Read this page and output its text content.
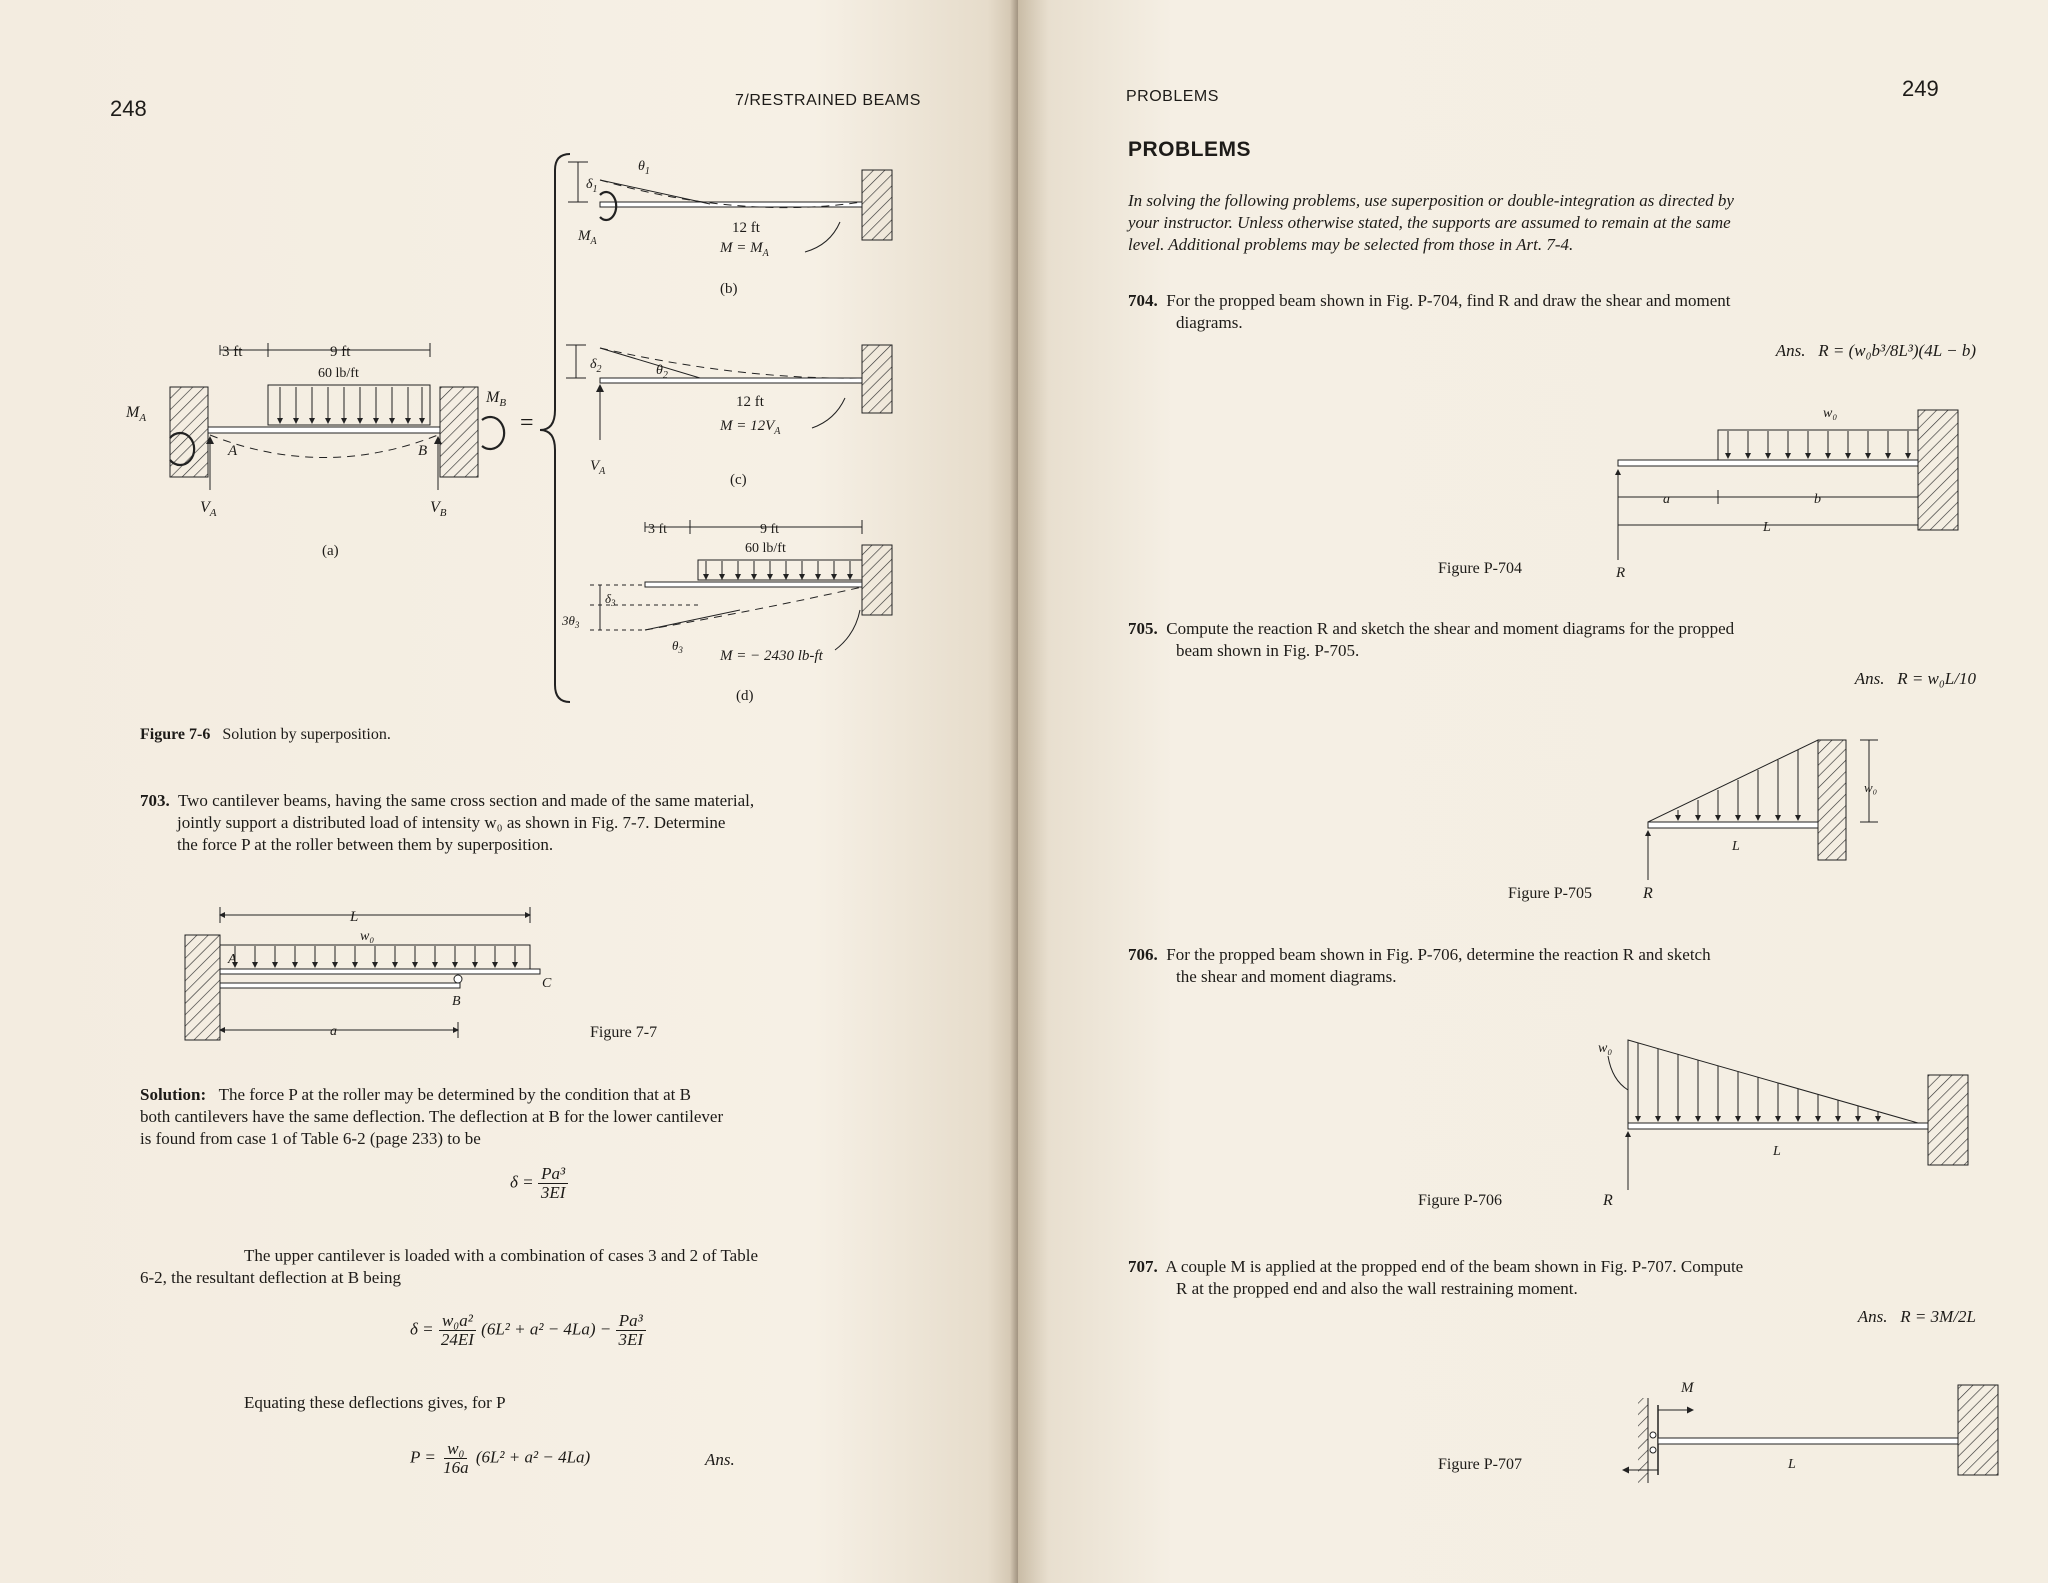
248	7/RESTRAINED BEAMS
3 ft	9 ft
60 lb/ft
$M_A$
$M_B$
A	B
$V_A$	$V_B$
(a)
=
$\delta_1$
$\theta_1$
$M_A$
12 ft
$M = M_A$
(b)
$\delta_2$	$\theta_2$
$V_A$
12 ft
$M = 12V_A$
(c)
3 ft	9 ft
60 lb/ft
$\delta_3$
$3\theta_3$
$\theta_3$ M = − 2430 lb-ft
(d)
Figure 7-6 Solution by superposition.
703. Two cantilever beams, having the same cross section and made of the same material,
jointly support a distributed load of intensity w₀ as shown in Fig. 7-7. Determine
the force P at the roller between them by superposition.
L
w₀
A
B
C
a	Figure 7-7
Solution: The force P at the roller may be determined by the condition that at B
both cantilevers have the same deflection. The deflection at B for the lower cantilever
is found from case 1 of Table 6-2 (page 233) to be
$\delta = \frac{\text{Pa³}}{3EI}$
The upper cantilever is loaded with a combination of cases 3 and 2 of Table
6-2, the resultant deflection at B being
$\delta = \frac{\text{w₀a²}}{24EI} (6L^2 + a^2 - 4La) - \frac{\text{Pa³}}{3EI}$
Equating these deflections gives, for P
$P = \frac{\text{w₀}}{16a} (6L^2 + a^2 - 4La)$	Ans.
PROBLEMS	249
PROBLEMS
In solving the following problems, use superposition or double-integration as directed by
your instructor. Unless otherwise stated, the supports are assumed to remain at the same
level. Additional problems may be selected from those in Art. 7-4.
704. For the propped beam shown in Fig. P-704, find R and draw the shear and moment
diagrams.
Ans. R = (w₀b³/8L³)(4L − b)
w₀
a	b
L
R
Figure P-704
705. Compute the reaction R and sketch the shear and moment diagrams for the propped
beam shown in Fig. P-705.
Ans. R = w₀L/10
L
w₀
Figure P-705	R
706. For the propped beam shown in Fig. P-706, determine the reaction R and sketch
the shear and moment diagrams.
w₀
L
Figure P-706	R
707. A couple M is applied at the propped end of the beam shown in Fig. P-707. Compute
R at the propped end and also the wall restraining moment.
Ans. R = 3M/2L
M
L
Figure P-707
